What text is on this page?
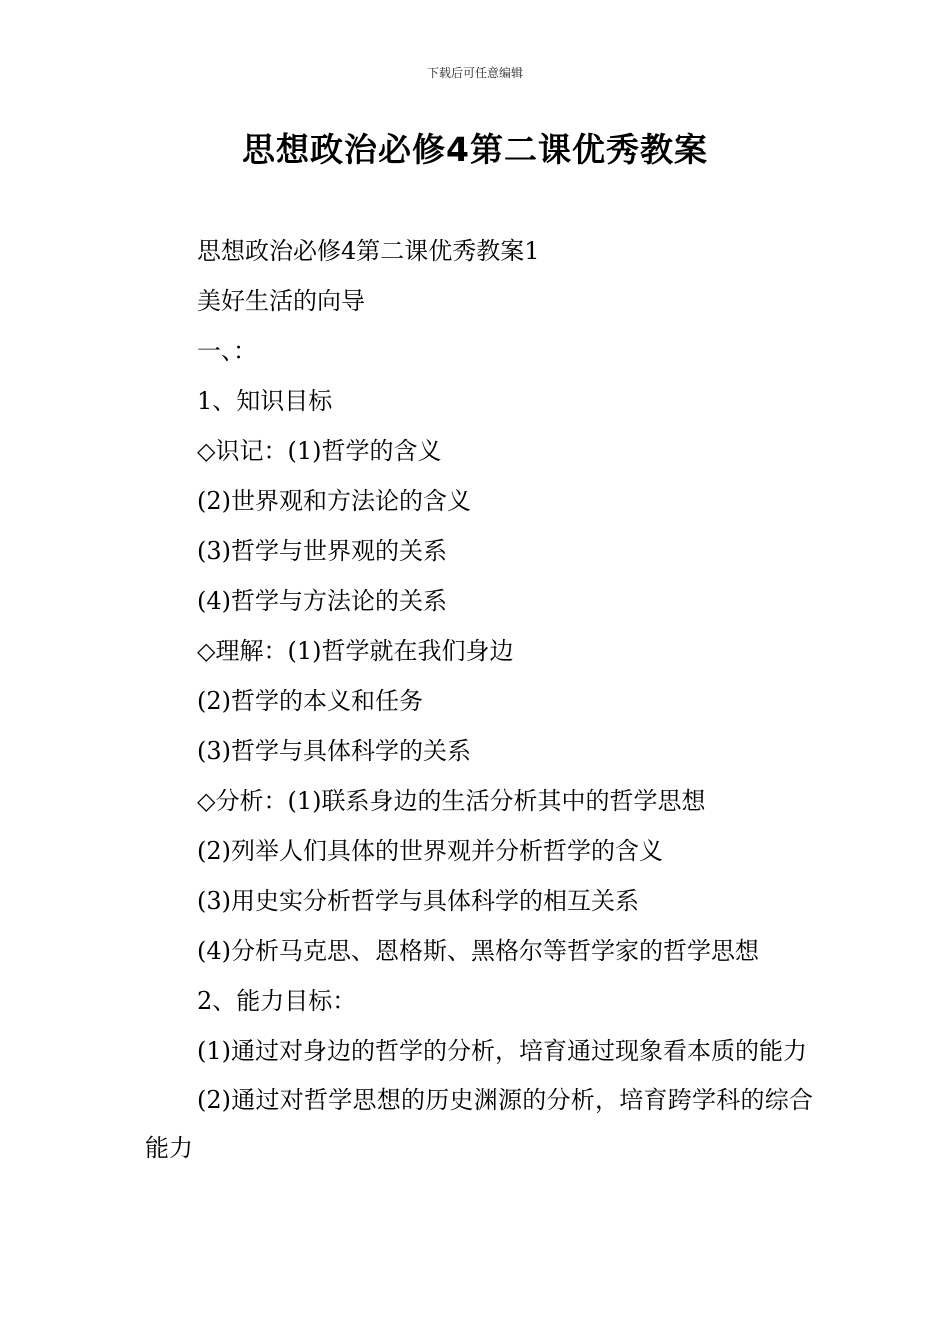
下载后可任意编辑
思想政治必修4第二课优秀教案
思想政治必修4第二课优秀教案1
美好生活的向导
一、：
1、知识目标
◇识记：(1)哲学的含义
(2)世界观和方法论的含义
(3)哲学与世界观的关系
(4)哲学与方法论的关系
◇理解：(1)哲学就在我们身边
(2)哲学的本义和任务
(3)哲学与具体科学的关系
◇分析：(1)联系身边的生活分析其中的哲学思想
(2)列举人们具体的世界观并分析哲学的含义
(3)用史实分析哲学与具体科学的相互关系
(4)分析马克思、恩格斯、黑格尔等哲学家的哲学思想
2、能力目标：
(1)通过对身边的哲学的分析，培育通过现象看本质的能力
(2)通过对哲学思想的历史渊源的分析，培育跨学科的综合能力
